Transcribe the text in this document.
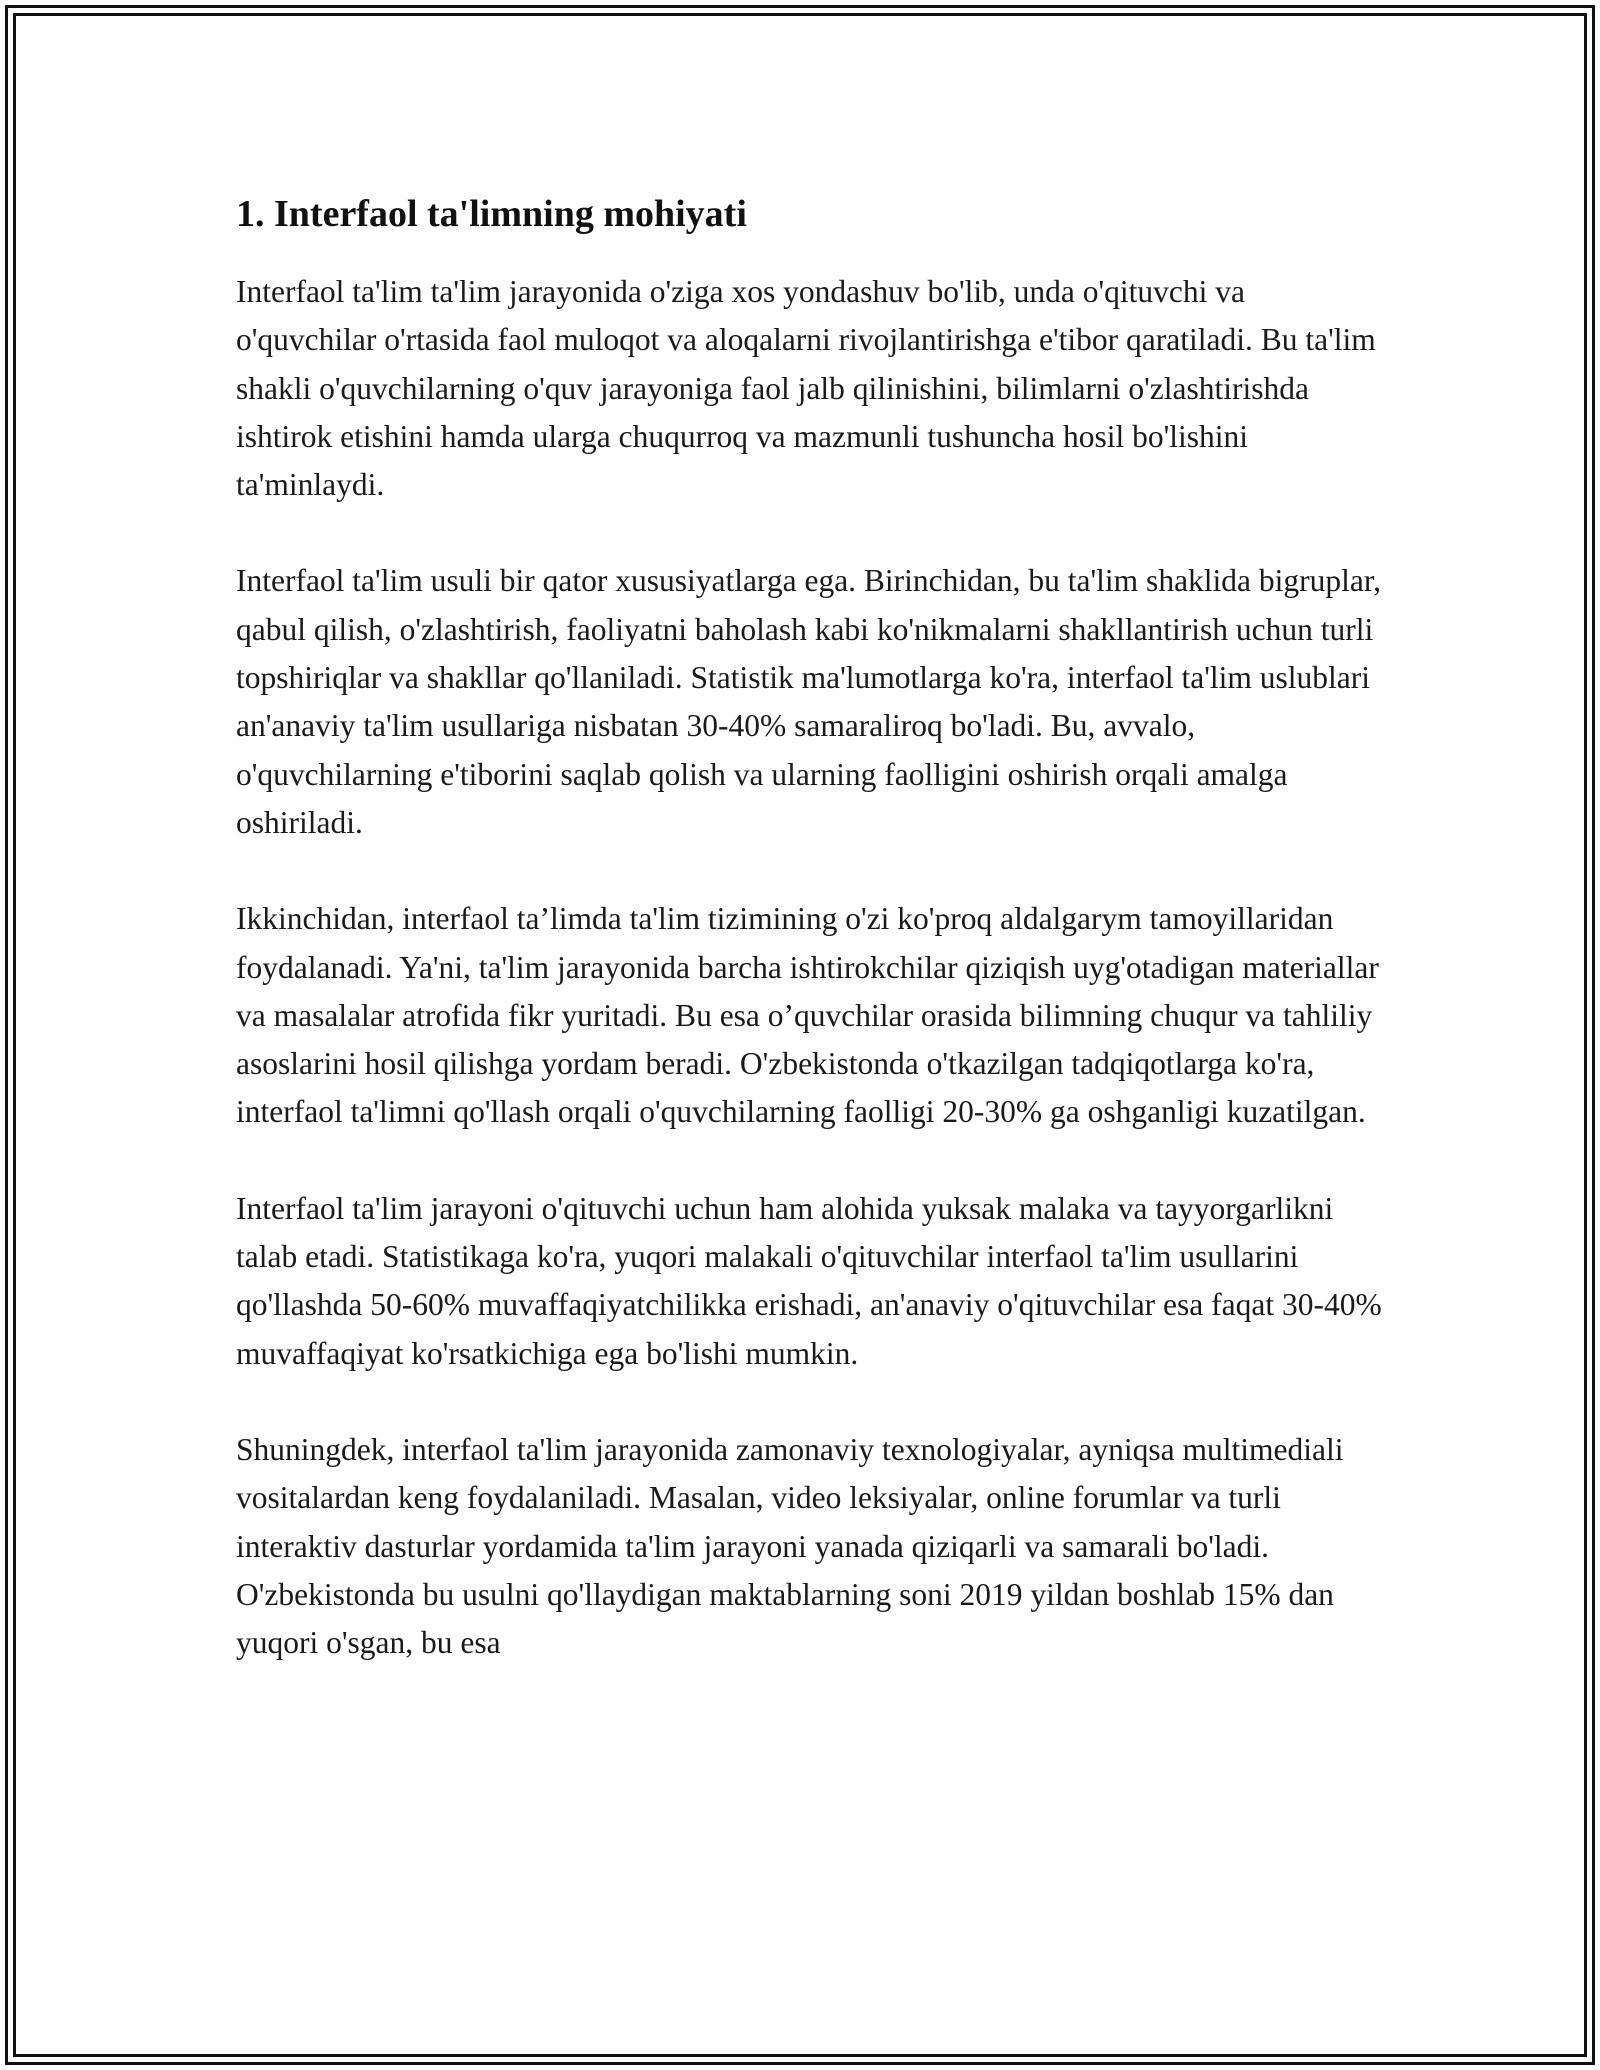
1. Interfaol ta'limning mohiyati

Interfaol ta'lim ta'lim jarayonida o'ziga xos yondashuv bo'lib, unda o'qituvchi va o'quvchilar o'rtasida faol muloqot va aloqalarni rivojlantirishga e'tibor qaratiladi. Bu ta'lim shakli o'quvchilarning o'quv jarayoniga faol jalb qilinishini, bilimlarni o'zlashtirishda ishtirok etishini hamda ularga chuqurroq va mazmunli tushuncha hosil bo'lishini ta'minlaydi.

Interfaol ta'lim usuli bir qator xususiyatlarga ega. Birinchidan, bu ta'lim shaklida bigruplar, qabul qilish, o'zlashtirish, faoliyatni baholash kabi ko'nikmalarni shakllantirish uchun turli topshiriqlar va shakllar qo'llaniladi. Statistik ma'lumotlarga ko'ra, interfaol ta'lim uslublari an'anaviy ta'lim usullariga nisbatan 30-40% samaraliroq bo'ladi. Bu, avvalo, o'quvchilarning e'tiborini saqlab qolish va ularning faolligini oshirish orqali amalga oshiriladi.

Ikkinchidan, interfaol ta’limda ta'lim tizimining o'zi ko'proq aldalgarym tamoyillaridan foydalanadi. Ya'ni, ta'lim jarayonida barcha ishtirokchilar qiziqish uyg'otadigan materiallar va masalalar atrofida fikr yuritadi. Bu esa o’quvchilar orasida bilimning chuqur va tahliliy asoslarini hosil qilishga yordam beradi. O'zbekistonda o'tkazilgan tadqiqotlarga ko'ra, interfaol ta'limni qo'llash orqali o'quvchilarning faolligi 20-30% ga oshganligi kuzatilgan.

Interfaol ta'lim jarayoni o'qituvchi uchun ham alohida yuksak malaka va tayyorgarlikni talab etadi. Statistikaga ko'ra, yuqori malakali o'qituvchilar interfaol ta'lim usullarini qo'llashda 50-60% muvaffaqiyatchilikka erishadi, an'anaviy o'qituvchilar esa faqat 30-40% muvaffaqiyat ko'rsatkichiga ega bo'lishi mumkin.

Shuningdek, interfaol ta'lim jarayonida zamonaviy texnologiyalar, ayniqsa multimediali vositalardan keng foydalaniladi. Masalan, video leksiyalar, online forumlar va turli interaktiv dasturlar yordamida ta'lim jarayoni yanada qiziqarli va samarali bo'ladi. O'zbekistonda bu usulni qo'llaydigan maktablarning soni 2019 yildan boshlab 15% dan yuqori o'sgan, bu esa
